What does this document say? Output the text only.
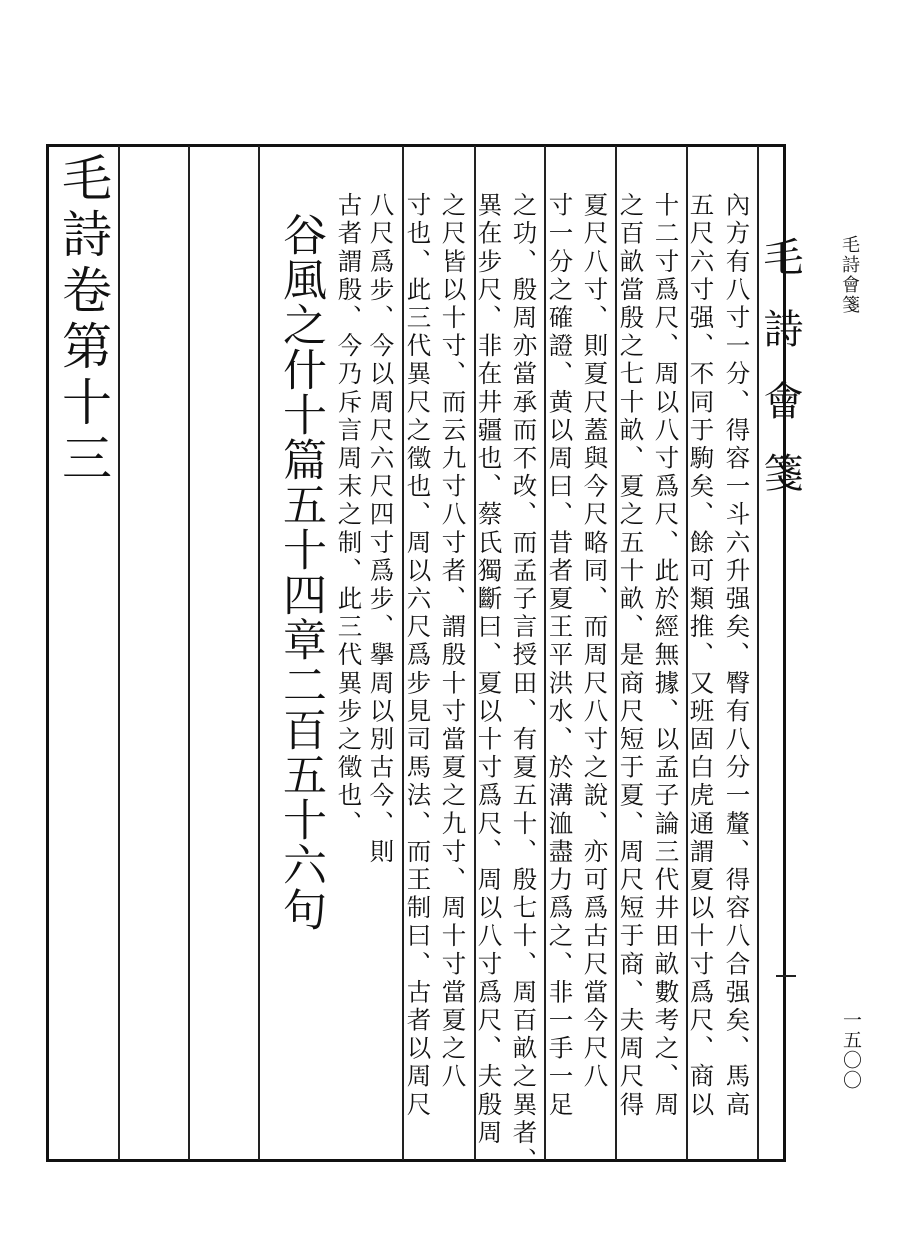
毛詩卷第十三	谷風之什十篇五十四章二百五十六句	毛詩會箋
內方有八寸一分、得容一斗六升强矣、臀有八分一釐、得容八合强矣、馬高
五尺六寸强、不同于駒矣、餘可類推、又班固白虎通謂夏以十寸爲尺、商以
十二寸爲尺、周以八寸爲尺、此於經無據、以孟子論三代井田畝數考之、周
之百畝當殷之七十畝、夏之五十畝、是商尺短于夏、周尺短于商、夫周尺得
夏尺八寸、則夏尺蓋與今尺略同、而周尺八寸之說、亦可爲古尺當今尺八
寸一分之確證、黄以周曰、昔者夏王平洪水、於溝洫盡力爲之、非一手一足
之功、殷周亦當承而不改、而孟子言授田、有夏五十、殷七十、周百畝之異者、
異在步尺、非在井疆也、蔡氏獨斷曰、夏以十寸爲尺、周以八寸爲尺、夫殷周
之尺皆以十寸、而云九寸八寸者、謂殷十寸當夏之九寸、周十寸當夏之八
寸也、此三代異尺之徵也、周以六尺爲步見司馬法、而王制曰、古者以周尺
八尺爲步、今以周尺六尺四寸爲步、擧周以別古今、則
古者謂殷、今乃斥言周末之制、此三代異步之徵也、	毛詩會箋
一五〇〇
